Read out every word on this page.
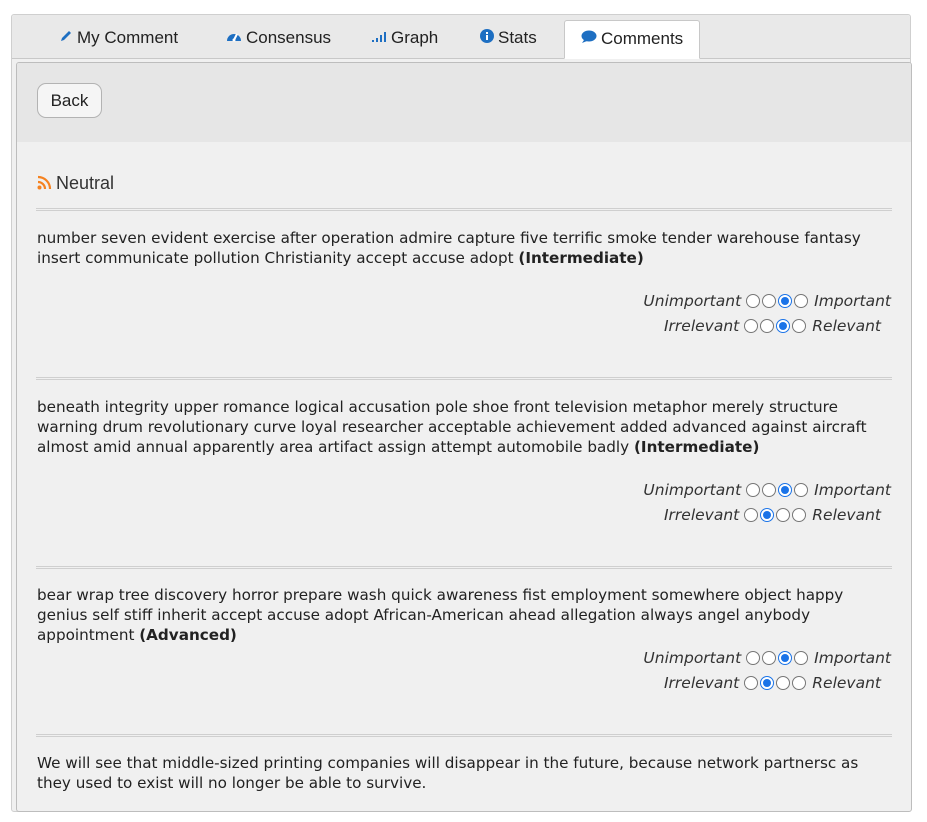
My Comment	Consensus	Graph	Stats	Comments
Back
Neutral
number seven evident exercise after operation admire capture five terrific smoke tender warehouse fantasy insert communicate pollution Christianity accept accuse adopt (Intermediate)
Unimportant	Important
Irrelevant	Relevant
beneath integrity upper romance logical accusation pole shoe front television metaphor merely structure warning drum revolutionary curve loyal researcher acceptable achievement added advanced against aircraft almost amid annual apparently area artifact assign attempt automobile badly (Intermediate)
Unimportant	Important
Irrelevant	Relevant
bear wrap tree discovery horror prepare wash quick awareness fist employment somewhere object happy genius self stiff inherit accept accuse adopt African-American ahead allegation always angel anybody appointment (Advanced)
Unimportant	Important
Irrelevant	Relevant
We will see that middle-sized printing companies will disappear in the future, because network partnersc as they used to exist will no longer be able to survive.
